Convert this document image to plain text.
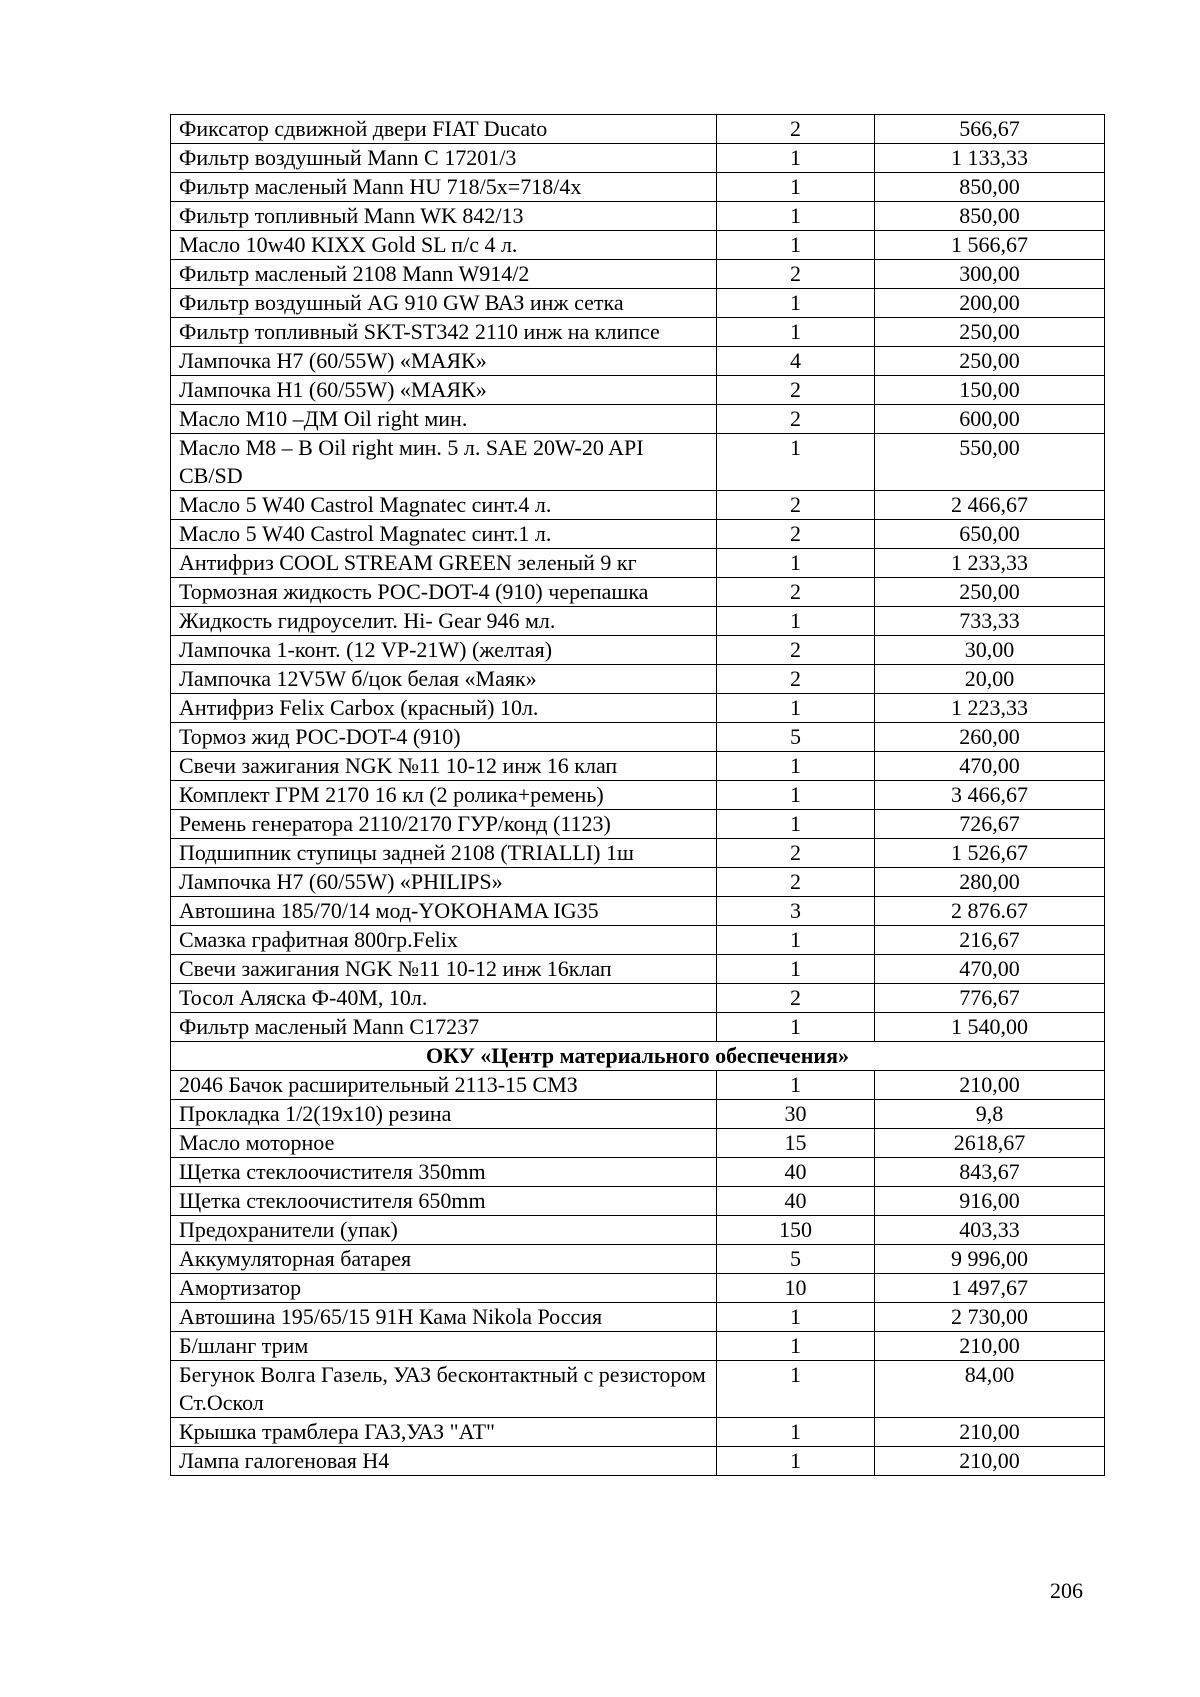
Фиксатор сдвижной двери FIAT Ducato	2	566,67
Фильтр воздушный Mann C 17201/3	1	1 133,33
Фильтр масленый Mann HU 718/5x=718/4x	1	850,00
Фильтр топливный Mann WK 842/13	1	850,00
Масло 10w40 KIXX Gold SL п/с 4 л.	1	1 566,67
Фильтр масленый 2108 Mann W914/2	2	300,00
Фильтр воздушный AG 910 GW ВАЗ инж сетка	1	200,00
Фильтр топливный SKT-ST342 2110 инж на клипсе	1	250,00
Лампочка H7 (60/55W) «МАЯК»	4	250,00
Лампочка H1 (60/55W) «МАЯК»	2	150,00
Масло М10 –ДМ Oil right мин.	2	600,00
Масло М8 – В Oil right мин. 5 л. SAE 20W-20 API CB/SD	1	550,00
Масло 5 W40 Castrol Magnatec синт.4 л.	2	2 466,67
Масло 5 W40 Castrol Magnatec синт.1 л.	2	650,00
Антифриз COOL STREAM GREEN зеленый 9 кг	1	1 233,33
Тормозная жидкость РОС-DOT-4 (910) черепашка	2	250,00
Жидкость гидроуселит. Hi- Gear 946 мл.	1	733,33
Лампочка 1-конт. (12 VP-21W) (желтая)	2	30,00
Лампочка 12V5W б/цок белая «Маяк»	2	20,00
Антифриз Felix Carbox (красный) 10л.	1	1 223,33
Тормоз жид РОС-DOT-4 (910)	5	260,00
Свечи зажигания NGK №11 10-12 инж 16 клап	1	470,00
Комплект ГРМ 2170 16 кл (2 ролика+ремень)	1	3 466,67
Ремень генератора 2110/2170 ГУР/конд (1123)	1	726,67
Подшипник ступицы задней 2108 (TRIALLI) 1ш	2	1 526,67
Лампочка H7 (60/55W) «PHILIPS»	2	280,00
Автошина 185/70/14 мод-YOKOHAMA IG35	3	2 876.67
Смазка графитная 800гр.Felix	1	216,67
Свечи зажигания NGK №11 10-12 инж 16клап	1	470,00
Тосол Аляска Ф-40М, 10л.	2	776,67
Фильтр масленый Mann C17237	1	1 540,00
ОКУ «Центр материального обеспечения»		
2046 Бачок расширительный 2113-15 СМЗ	1	210,00
Прокладка 1/2(19х10) резина	30	9,8
Масло моторное	15	2618,67
Щетка стеклоочистителя 350mm	40	843,67
Щетка стеклоочистителя 650mm	40	916,00
Предохранители (упак)	150	403,33
Аккумуляторная батарея	5	9 996,00
Амортизатор	10	1 497,67
Автошина 195/65/15 91Н Кама Nikola Россия	1	2 730,00
Б/шланг трим	1	210,00
Бегунок Волга Газель, УАЗ бесконтактный с резистором Ст.Оскол	1	84,00
Крышка трамблера ГАЗ,УАЗ "АТ"	1	210,00
Лампа галогеновая Н4	1	210,00
206
